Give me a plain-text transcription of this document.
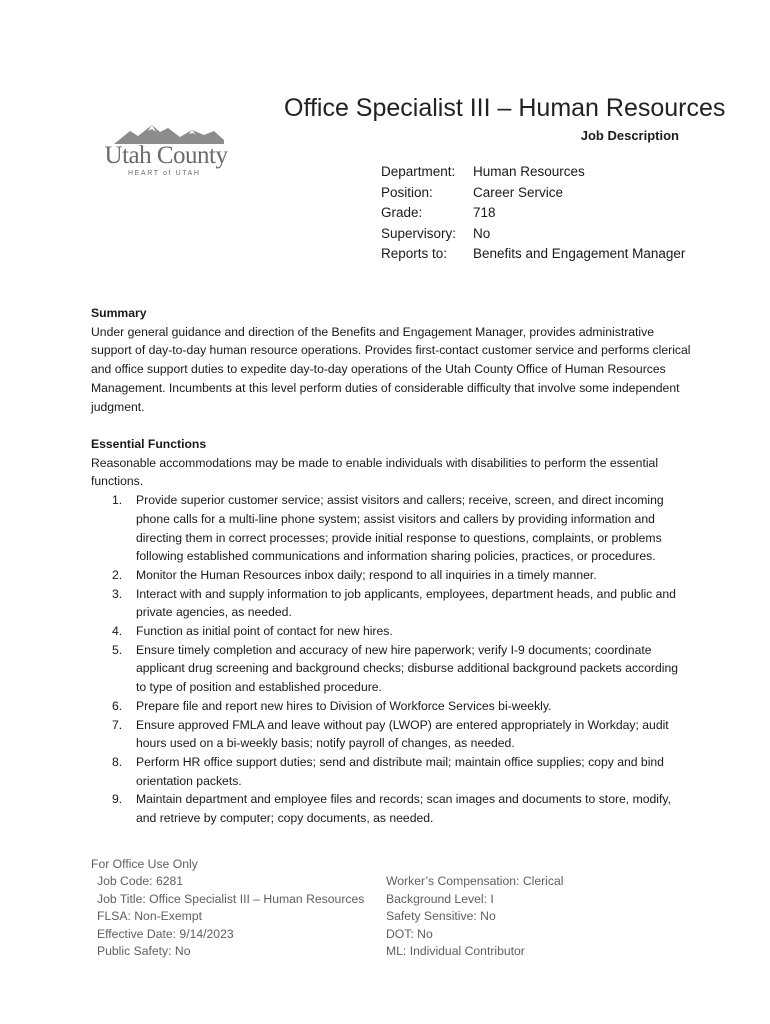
Utah County
HEART of UTAH
Office Specialist III – Human Resources
Job Description
Department: Human Resources
Position:	Career Service
Grade:	718
Supervisory: No
Reports to: Benefits and Engagement Manager
Summary

Under general guidance and direction of the Benefits and Engagement Manager, provides administrative support of day-to-day human resource operations. Provides first-contact customer service and performs clerical and office support duties to expedite day-to-day operations of the Utah County Office of Human Resources Management. Incumbents at this level perform duties of considerable difficulty that involve some independent judgment.

Essential Functions

Reasonable accommodations may be made to enable individuals with disabilities to perform the essential functions.

1. Provide superior customer service; assist visitors and callers; receive, screen, and direct incoming phone calls for a multi-line phone system; assist visitors and callers by providing information and directing them in correct processes; provide initial response to questions, complaints, or problems following established communications and information sharing policies, practices, or procedures.
2. Monitor the Human Resources inbox daily; respond to all inquiries in a timely manner.
3. Interact with and supply information to job applicants, employees, department heads, and public and private agencies, as needed.
4. Function as initial point of contact for new hires.
5. Ensure timely completion and accuracy of new hire paperwork; verify I-9 documents; coordinate applicant drug screening and background checks; disburse additional background packets according to type of position and established procedure.
6. Prepare file and report new hires to Division of Workforce Services bi-weekly.
7. Ensure approved FMLA and leave without pay (LWOP) are entered appropriately in Workday; audit hours used on a bi-weekly basis; notify payroll of changes, as needed.
8. Perform HR office support duties; send and distribute mail; maintain office supplies; copy and bind orientation packets.
9. Maintain department and employee files and records; scan images and documents to store, modify, and retrieve by computer; copy documents, as needed.
For Office Use Only
Job Code: 6281
Job Title: Office Specialist III – Human Resources
FLSA: Non-Exempt
Effective Date: 9/14/2023
Public Safety: No
Worker’s Compensation: Clerical
Background Level: I
Safety Sensitive: No
DOT: No
ML: Individual Contributor
